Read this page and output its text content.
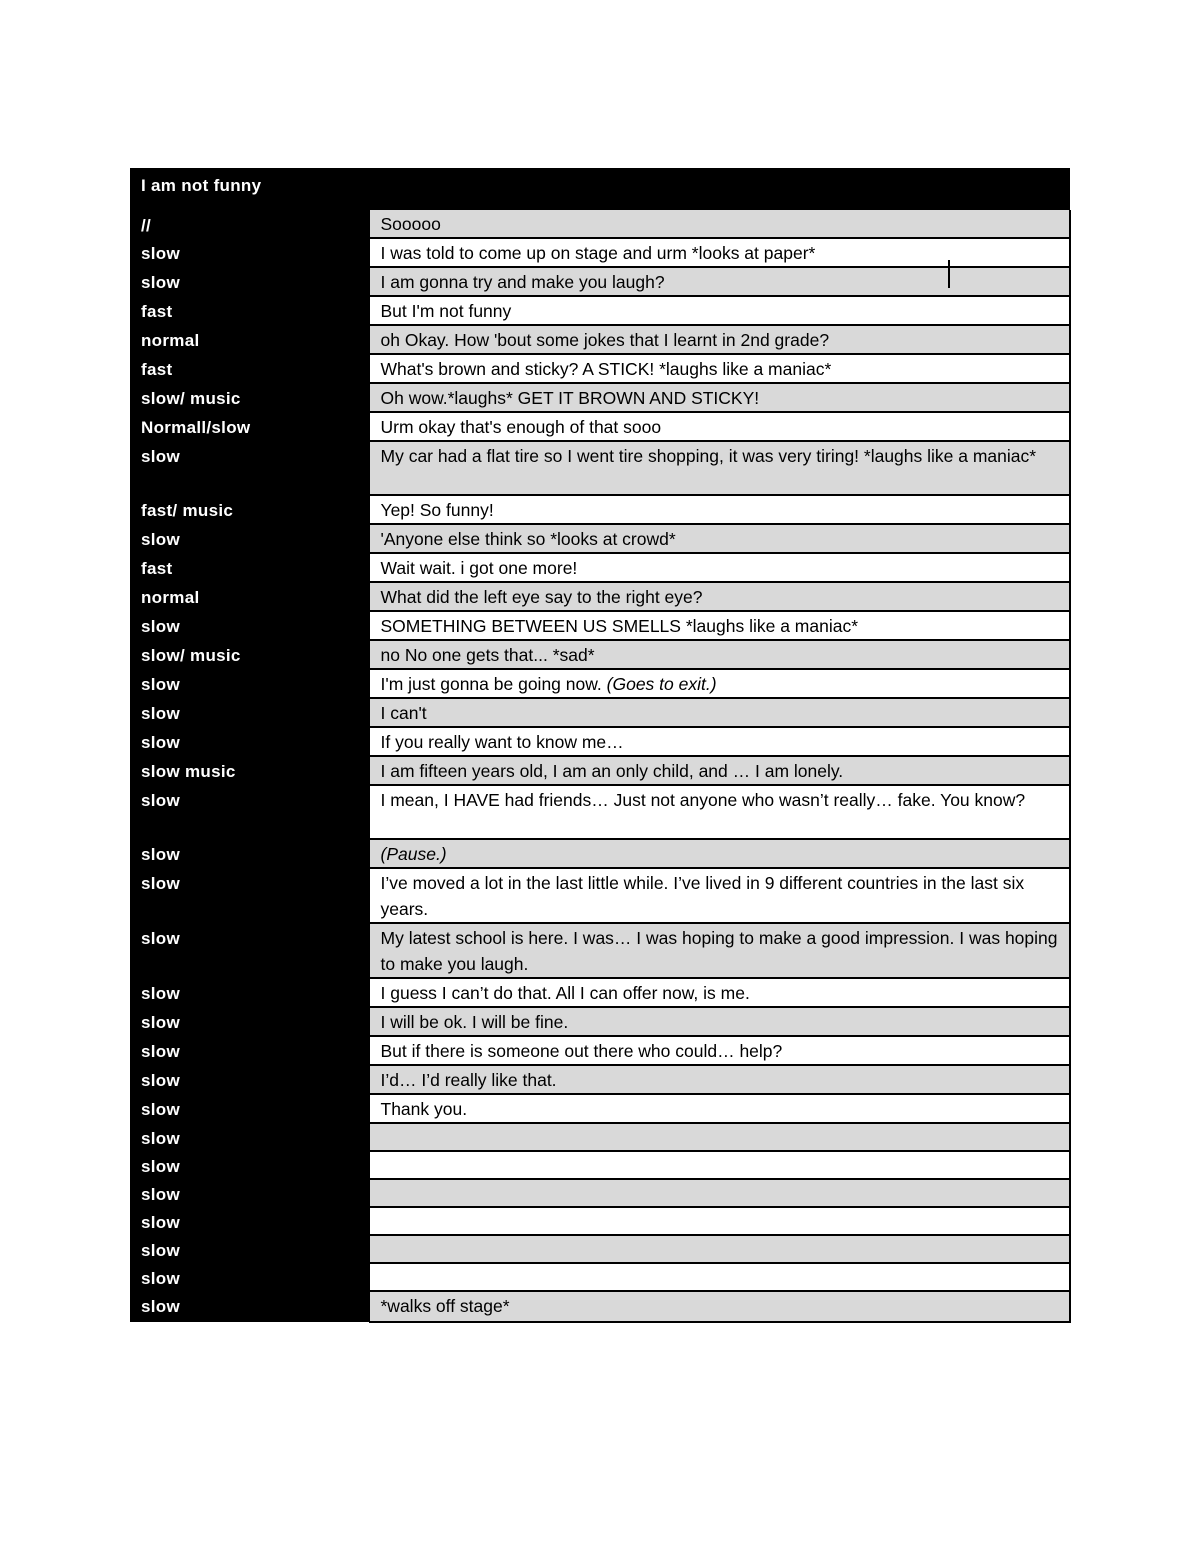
I am not funny	
//	Sooooo
slow	I was told to come up on stage and urm *looks at paper*
slow	I am gonna try and make you laugh?
fast	But I'm not funny
normal	oh Okay. How 'bout some jokes that I learnt in 2nd grade?
fast	What's brown and sticky? A STICK! *laughs like a maniac*
slow/ music	Oh wow.*laughs* GET IT BROWN AND STICKY!
Normall/slow	Urm okay that's enough of that sooo
slow	My car had a flat tire so I went tire shopping, it was very tiring! *laughs like a maniac*
fast/ music	Yep! So funny!
slow	'Anyone else think so *looks at crowd*
fast	Wait wait. i got one more!
normal	What did the left eye say to the right eye?
slow	SOMETHING BETWEEN US SMELLS *laughs like a maniac*
slow/ music	no No one gets that... *sad*
slow	I'm just gonna be going now. (Goes to exit.)
slow	I can't
slow	If you really want to know me…
slow music	I am fifteen years old, I am an only child, and … I am lonely.
slow	I mean, I HAVE had friends… Just not anyone who wasn’t really… fake. You know?
slow	(Pause.)
slow	I’ve moved a lot in the last little while. I’ve lived in 9 different countries in the last six years.
slow	My latest school is here. I was… I was hoping to make a good impression. I was hoping to make you laugh.
slow	I guess I can’t do that. All I can offer now, is me.
slow	I will be ok. I will be fine.
slow	But if there is someone out there who could… help?
slow	I’d… I’d really like that.
slow	Thank you.
slow	
slow	
slow	
slow	
slow	
slow	
slow	*walks off stage*
